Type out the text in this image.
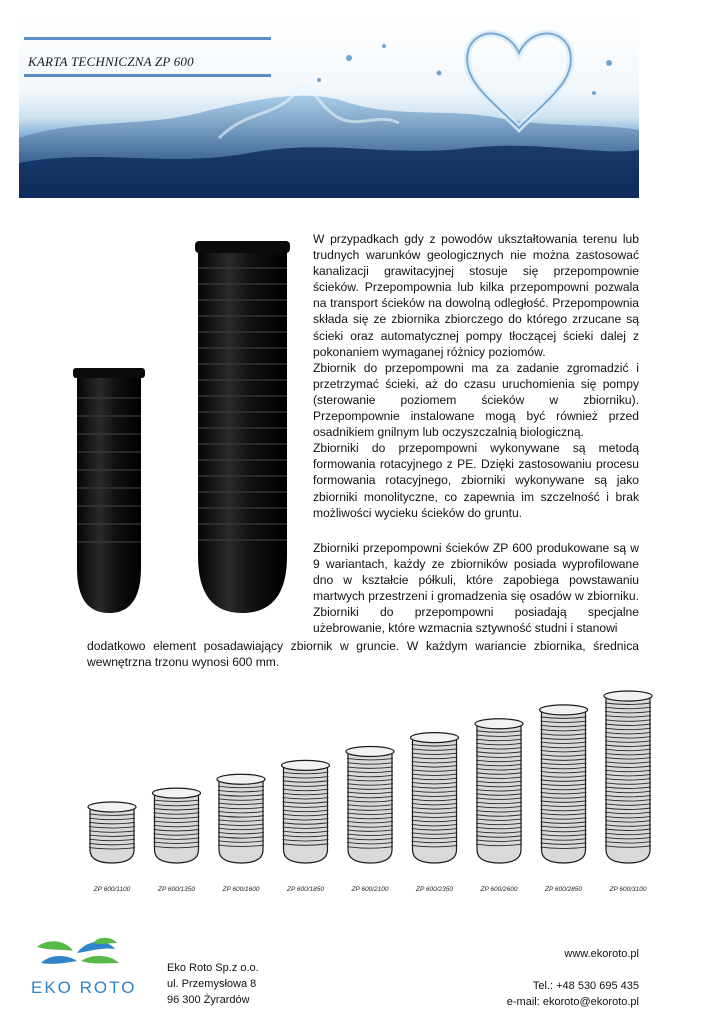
KARTA TECHNICZNA ZP 600

W przypadkach gdy z powodów ukształtowania terenu lub trudnych warunków geologicznych nie można zastosować kanalizacji grawitacyjnej stosuje się przepompownie ścieków. Przepompownia lub kilka przepompowni pozwala na transport ścieków na dowolną odległość. Przepompownia składa się ze zbiornika zbiorczego do którego zrzucane są ścieki oraz automatycznej pompy tłoczącej ścieki dalej z pokonaniem wymaganej różnicy poziomów.

Zbiornik do przepompowni ma za zadanie zgromadzić i przetrzymać ścieki, aż do czasu uruchomienia się pompy (sterowanie poziomem ścieków w zbiorniku). Przepompownie instalowane mogą być również przed osadnikiem gnilnym lub oczyszczalnią biologiczną.

Zbiorniki do przepompowni wykonywane są metodą formowania rotacyjnego z PE. Dzięki zastosowaniu procesu formowania rotacyjnego, zbiorniki wykonywane są jako zbiorniki monolityczne, co zapewnia im szczelność i brak możliwości wycieku ścieków do gruntu.

Zbiorniki przepompowni ścieków ZP 600 produkowane są w 9 wariantach, każdy ze zbiorników posiada wyprofilowane dno w kształcie półkuli, które zapobiega powstawaniu martwych przestrzeni i gromadzenia się osadów w zbiorniku. Zbiorniki do przepompowni posiadają specjalne użebrowanie, które wzmacnia sztywność studni i stanowi
dodatkowo element posadawiający zbiornik w gruncie. W każdym wariancie zbiornika, średnica wewnętrzna trzonu wynosi 600 mm.
ZP 600/1100	ZP 600/1350	ZP 600/1600	ZP 600/1850	ZP 600/2100	ZP 600/2350	ZP 600/2600	ZP 600/2850	ZP 600/3100
EKO ROTO
Eko Roto Sp.z o.o.
ul. Przemysłowa 8
96 300 Żyrardów
www.ekoroto.pl
Tel.: +48 530 695 435
e-mail: ekoroto@ekoroto.pl
